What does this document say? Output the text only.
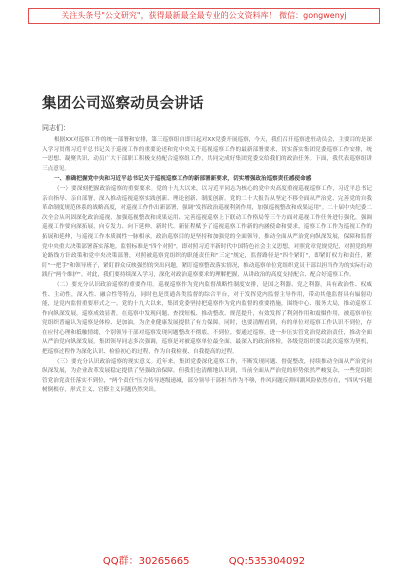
关注头条号"公文研究"，获得最新最全最专业的公文资料库！ 微信：gongwenyj
集团公司巡察动员会讲话
同志们：

根据XX对巡察工作的统一部署和安排，第三巡察组自即日起对XX党委开展巡察，今天，我们召开巡察进驻动员会，主要目的是深入学习贯彻习近平总书记关于巡视工作的重要论述和党中央关于巡视巡察工作的最新部署要求，切实落实集团党委巡察工作安排，统一思想、凝聚共识、动员广大干部职工积极支持配合巡察组工作，共同完成好集团党委交给我们的政治任务。下面，我代表巡察组讲三点意见。

一、准确把握党中央和习近平总书记关于巡视巡察工作的新部署新要求，切实增强政治巡察责任感使命感

（一）要深刻把握政治巡察的重要要求。党的十九大以来，以习近平同志为核心的党中央高度重视巡视巡察工作，习近平总书记亲自指导、亲自部署，深入推动巡视巡察实践创新、理论创新、制度创新。党的二十大报告从坚定不移全面从严治党、完善党的自我革命制度规范体系的战略高度，对巡视工作作出新部署，强调"发挥政治巡视利剑作用，加强巡视整改和成果运用"。二十届中央纪委二次全会从巩固深化政治巡视、加强巡视整改和成果运用、完善巡视巡察上下联动工作格局等三个方面对巡视工作任务进行强化，强调巡视工作要向深拓展、向专发力、向下延伸、新时代、新征程赋予了巡视巡察工作新的内涵使命和要求，巡察工作工作为巡视工作的拓展和延伸，与巡视工作本质属性一脉相承，政治巡察目的是坚持和加强党的全面领导，推动全面从严治党向纵深发展，保障和监督党中央重大决策部署落实落地。监督标准是"四个对照"，即对照习近平新时代中国特色社会主义思想，对照党章党规党纪，对照党的理论路线方针政策和党中央决策部署，对照被巡察党组织的职能责任和"三定"规定，监督路径是"四个紧盯"，即紧盯权力和责任，紧盯"一把手"和领导班子，紧盯群众反映强烈的突出问题，紧盯巡察整改落实情况，推动巡察单位党组织党员干部以担当作为的实际行动践行"两个维护"。对此，我们要持续深入学习，深化对政治巡察要求的理解把握，从讲政治的高度支持配合、配合好巡察工作。

（二）要充分认识政治巡察的重要作用。巡视巡察作为党内监督战略性制度安排，是国之利器、党之利器，具有政治性、权威性、主动性，深入性、融合性等特点，同时也是贯通各类监督的综合平台，对于发挥党内监督主导作用，带动其他监督具有辐射功能，是党内监督重要形式之一。党的十九大以来，集团党委坚持把巡察作为党内监督的重要措施，围绕中心、服务大局，推动巡察工作向纵深发展，巡察成效显著，在巡察中发现问题、查找短板、推动整改、规范提升，有效发挥了利剑作用和震慑作用，被巡察单位党组织普遍认为巡察是体检、是加油，为企业健康发展提供了有力保障。同时，也要清醒看到，有的单位对巡察工作认识不到位，存在应付心理和抵触情绪，个别领导干部对巡察发现问题整改不彻底、不到位。要通过巡察，进一步压实管党治党政治责任，推动全面从严治党向纵深发展。集团领导同志多次强调，巡察是对被巡察单位最全面、最深入的政治体检，各级党组织要以此次巡察为契机，把巡察过程作为深化认识、检验初心的过程，作为自我检视、自我提高的过程。

（三）要充分认识政治巡察的现实意义。近年来，集团党委深化巡察工作，不断发现问题、督促整改，持续推动全面从严治党向纵深发展，为企业改革发展稳定提供了坚强政治保障。但我们也清醒地认识到，当前全面从严治党的形势依然严峻复杂，一些党组织管党治党责任落实不到位，"两个责任"压力传导逐级递减，部分领导干部担当作为不够，作风问题反弹回潮风险依然存在，"四风"问题树倒根存，形式主义、官僚主义问题仍然突出。

QQ群：30265665	QQ:535304092
